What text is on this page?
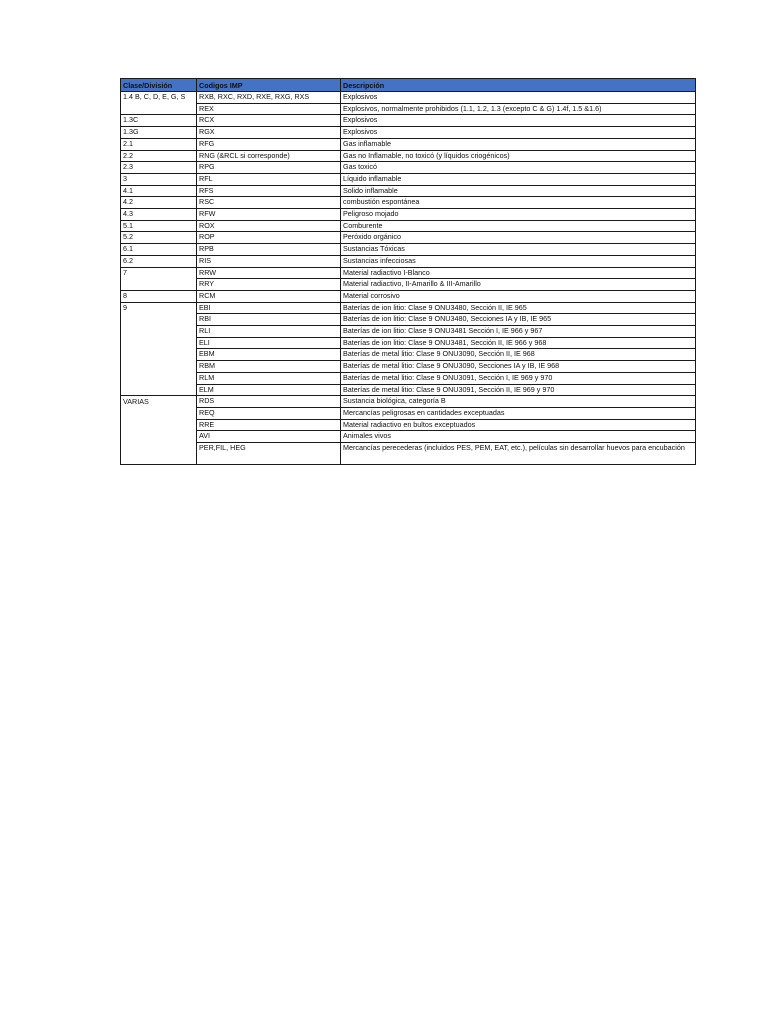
Clase/División	Codigos IMP	Descripción
1.4 B, C, D, E, G, S	RXB, RXC, RXD, RXE, RXG, RXS	Explosivos
	REX	Explosivos, normalmente prohibidos (1.1, 1.2, 1.3 (excepto C & G) 1.4f, 1.5 &1.6)
1.3C	RCX	Explosivos
1.3G	RGX	Explosivos
2.1	RFG	Gas inflamable
2.2	RNG (&RCL si corresponde)	Gas no Inflamable, no toxicó (y líquidos criogénicos)
2.3	RPG	Gas toxicó
3	RFL	Líquido inflamable
4.1	RFS	Solido inflamable
4.2	RSC	combustión espontánea
4.3	RFW	Peligroso mojado
5.1	ROX	Comburente
5.2	ROP	Peróxido orgánico
6.1	RPB	Sustancias Tóxicas
6.2	RIS	Sustancias infecciosas
7	RRW	Material radiactivo I-Blanco
	RRY	Material radiactivo, II-Amarillo & III-Amarillo
8	RCM	Material corrosivo
9	EBI	Baterías de ion litio: Clase 9 ONU3480, Sección II, IE 965
	RBI	Baterías de ion litio: Clase 9 ONU3480, Secciones IA y IB, IE 965
	RLI	Baterías de ion litio: Clase 9 ONU3481 Sección I, IE 966 y 967
	ELI	Baterías de ion litio: Clase 9 ONU3481, Sección II, IE 966 y 968
	EBM	Baterías de metal litio: Clase 9 ONU3090, Sección II, IE 968
	RBM	Baterías de metal litio: Clase 9 ONU3090, Secciones IA y IB, IE 968
	RLM	Baterías de metal litio: Clase 9 ONU3091, Sección I, IE 969 y 970
	ELM	Baterías de metal litio: Clase 9 ONU3091, Sección II, IE 969 y 970
VARIAS	RDS	Sustancia biológica, categoría B
	REQ	Mercancías peligrosas en cantidades exceptuadas
	RRE	Material radiactivo en bultos exceptuados
	AVI	Animales vivos
	PER,FIL, HEG	Mercancías perecederas (incluidos PES, PEM, EAT, etc.), películas sin desarrollar huevos para encubación
